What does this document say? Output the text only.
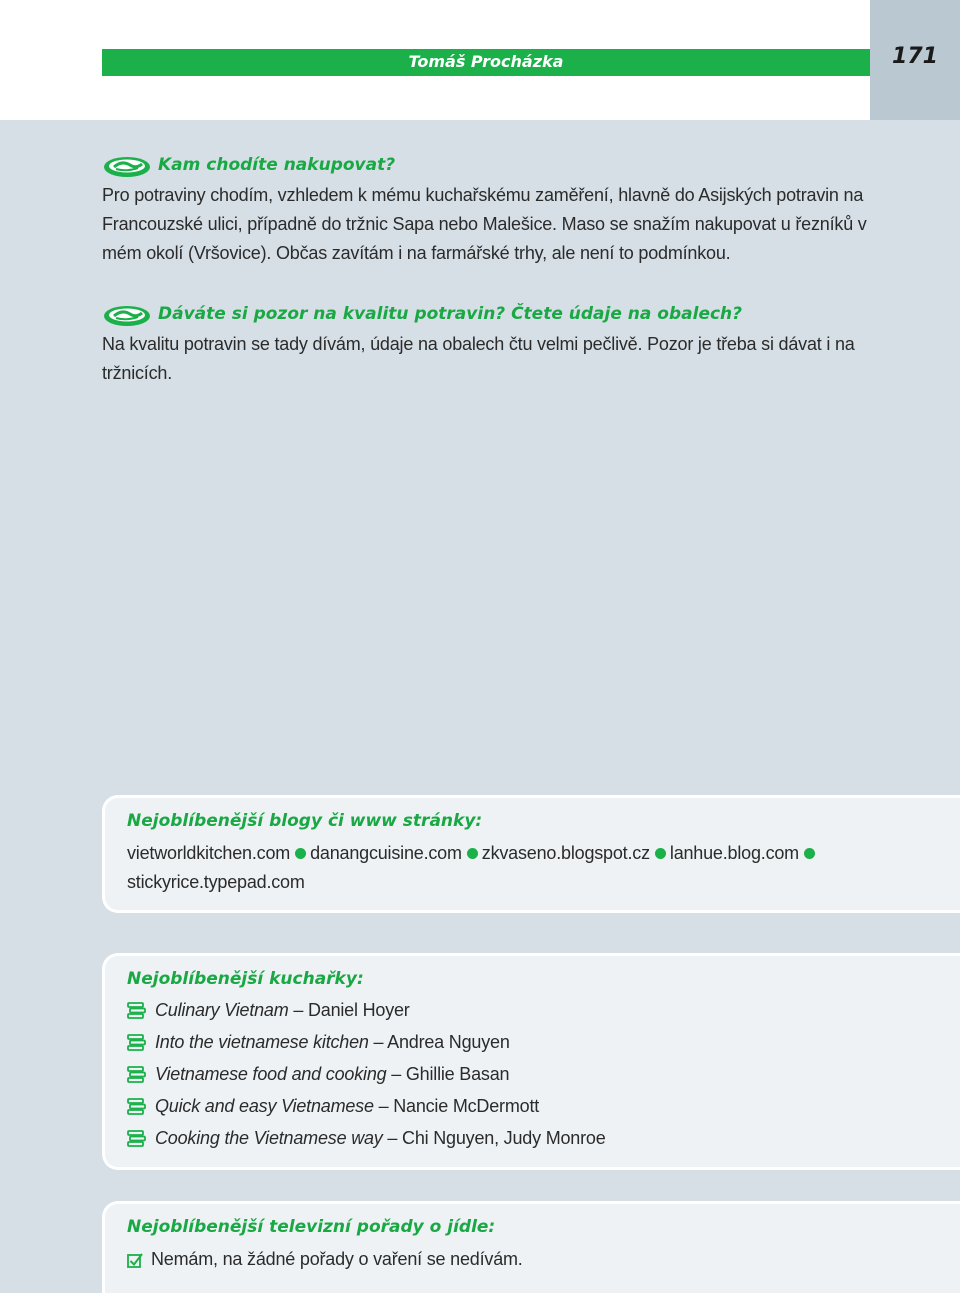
171
Tomáš Procházka
Kam chodíte nakupovat?
Pro potraviny chodím, vzhledem k mému kuchařskému zaměření, hlavně do Asijských potravin na Francouzské ulici, případně do tržnic Sapa nebo Malešice. Maso se snažím nakupovat u řezníků v mém okolí (Vršovice). Občas zavítám i na farmářské trhy, ale není to podmínkou.
Dáváte si pozor na kvalitu potravin? Čtete údaje na obalech?
Na kvalitu potravin se tady dívám, údaje na obalech čtu velmi pečlivě. Pozor je třeba si dávat i na tržnicích.
Nejoblíbenější blogy či www stránky:
vietworldkitchen.com danangcuisine.com zkvaseno.blogspot.cz lanhue.blog.com
stickyrice.typepad.com
Nejoblíbenější kuchařky:
Culinary Vietnam – Daniel Hoyer
Into the vietnamese kitchen – Andrea Nguyen
Vietnamese food and cooking – Ghillie Basan
Quick and easy Vietnamese – Nancie McDermott
Cooking the Vietnamese way – Chi Nguyen, Judy Monroe
Nejoblíbenější televizní pořady o jídle:
Nemám, na žádné pořady o vaření se nedívám.
